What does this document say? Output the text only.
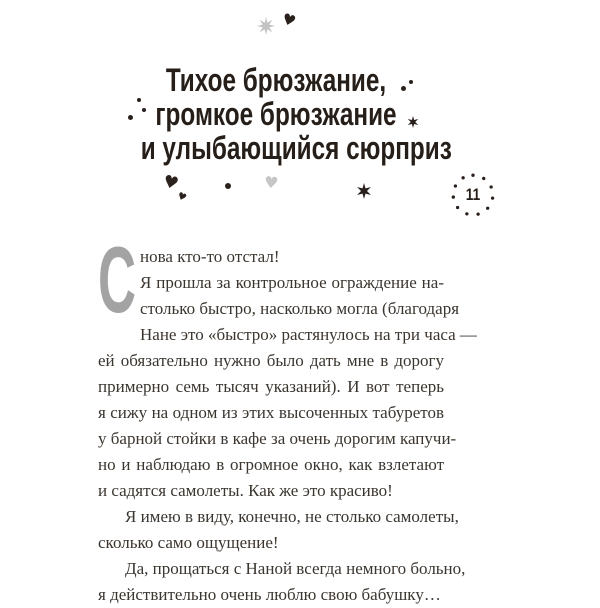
♥
Тихое брюзжание,
громкое брюзжание
и улыбающийся сюрприз
♥
♥
♥
11
С нова кто-то отстал!
Я прошла за контрольное ограждение на-
столько быстро, насколько могла (благодаря
Нане это «быстро» растянулось на три часа —
ей обязательно нужно было дать мне в дорогу
примерно семь тысяч указаний). И вот теперь
я сижу на одном из этих высоченных табуретов
у барной стойки в кафе за очень дорогим капучи-
но и наблюдаю в огромное окно, как взлетают
и садятся самолеты. Как же это красиво!
Я имею в виду, конечно, не столько самолеты,
сколько само ощущение!
Да, прощаться с Наной всегда немного больно,
я действительно очень люблю свою бабушку…
